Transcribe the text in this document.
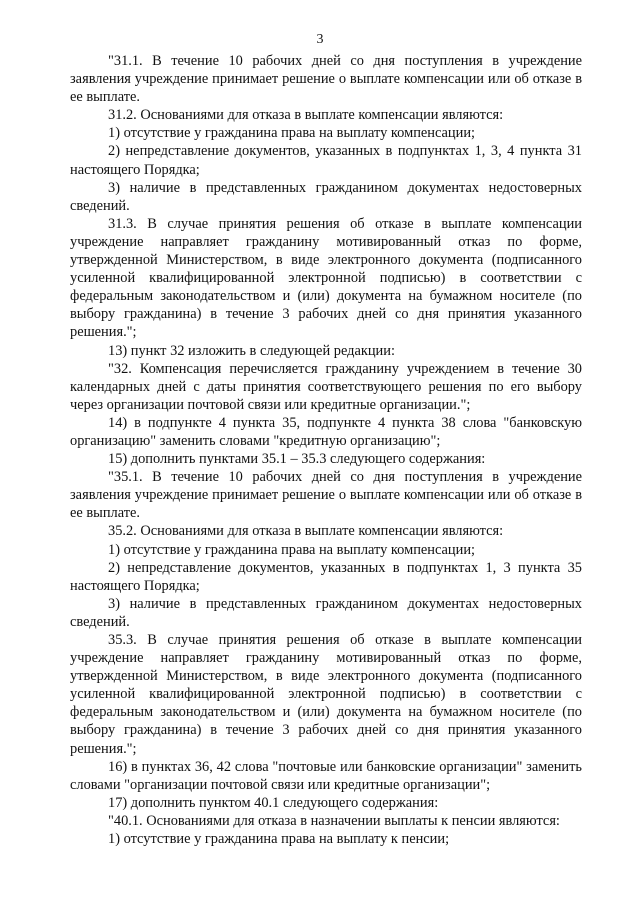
3

"31.1. В течение 10 рабочих дней со дня поступления в учреждение заявления учреждение принимает решение о выплате компенсации или об отказе в ее выплате.

31.2. Основаниями для отказа в выплате компенсации являются:

1) отсутствие у гражданина права на выплату компенсации;

2) непредставление документов, указанных в подпунктах 1, 3, 4 пункта 31 настоящего Порядка;

3) наличие в представленных гражданином документах недостоверных сведений.

31.3. В случае принятия решения об отказе в выплате компенсации учреждение направляет гражданину мотивированный отказ по форме, утвержденной Министерством, в виде электронного документа (подписанного усиленной квалифицированной электронной подписью) в соответствии с федеральным законодательством и (или) документа на бумажном носителе (по выбору гражданина) в течение 3 рабочих дней со дня принятия указанного решения.";

13) пункт 32 изложить в следующей редакции:

"32. Компенсация перечисляется гражданину учреждением в течение 30 календарных дней с даты принятия соответствующего решения по его выбору через организации почтовой связи или кредитные организации.";

14) в подпункте 4 пункта 35, подпункте 4 пункта 38 слова "банковскую организацию" заменить словами "кредитную организацию";

15) дополнить пунктами 35.1 – 35.3 следующего содержания:

"35.1. В течение 10 рабочих дней со дня поступления в учреждение заявления учреждение принимает решение о выплате компенсации или об отказе в ее выплате.

35.2. Основаниями для отказа в выплате компенсации являются:

1) отсутствие у гражданина права на выплату компенсации;

2) непредставление документов, указанных в подпунктах 1, 3 пункта 35 настоящего Порядка;

3) наличие в представленных гражданином документах недостоверных сведений.

35.3. В случае принятия решения об отказе в выплате компенсации учреждение направляет гражданину мотивированный отказ по форме, утвержденной Министерством, в виде электронного документа (подписанного усиленной квалифицированной электронной подписью) в соответствии с федеральным законодательством и (или) документа на бумажном носителе (по выбору гражданина) в течение 3 рабочих дней со дня принятия указанного решения.";

16) в пунктах 36, 42 слова "почтовые или банковские организации" заменить словами "организации почтовой связи или кредитные организации";

17) дополнить пунктом 40.1 следующего содержания:

"40.1. Основаниями для отказа в назначении выплаты к пенсии являются:

1) отсутствие у гражданина права на выплату к пенсии;
